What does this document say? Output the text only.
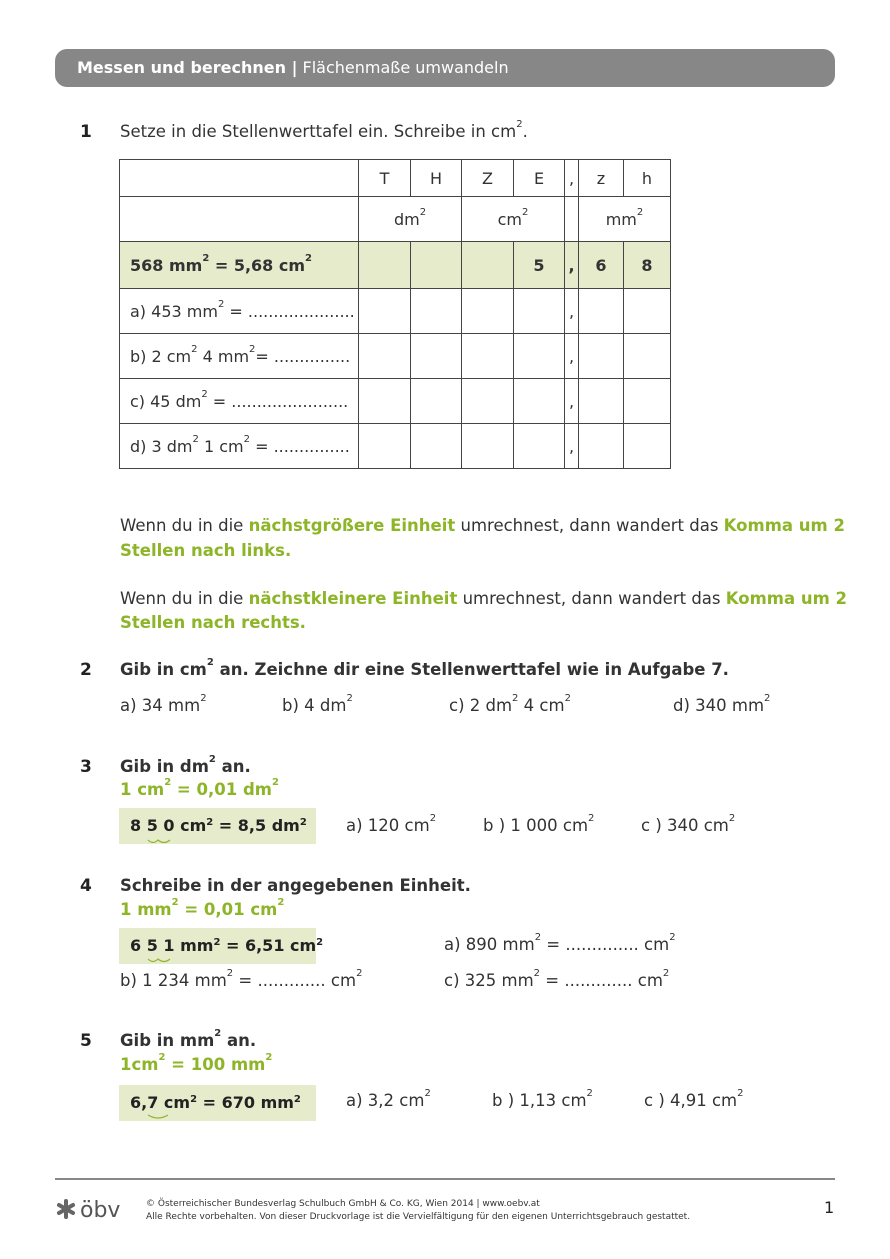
Messen und berechnen | Flächenmaße umwandeln
1 Setze in die Stellenwerttafel ein. Schreibe in $cm^2$.
	T	H	Z	E	,	z	h
	$dm^2$		$cm^2$			$mm^2$
568 $mm^2 = 5,68$ $cm^2$				5	,	6	8
a) 453 $mm^2$ = .....................					,		
b) 2 $cm^2$ 4 $mm^2=$ ...............					,		
c) 45 $dm^2$ = .......................					,		
d) 3 $dm^2$ 1 $cm^2$ = ...............					,		
Wenn du in die nächstgrößere Einheit umrechnest, dann wandert das Komma um 2
Stellen nach links.
Wenn du in die nächstkleinere Einheit umrechnest, dann wandert das Komma um 2
Stellen nach rechts.
2 Gib in $cm^2$ an. Zeichne dir eine Stellenwerttafel wie in Aufgabe 7.
a) 34 $mm^2$	b) 4 $dm^2$	c) 2 $dm^2$ 4 $cm^2$	d) 340 $mm^2$
3 Gib in $dm^2$ an.
1 $cm^2 = 0,01$ $dm^2$
8 5 0 $cm^2 = 8,5$ $dm^2$	a) 120 $cm^2$	b ) 1 000 $cm^2$	c ) 340 $cm^2$
4 Schreibe in der angegebenen Einheit.
1 $mm^2 = 0,01$ $cm^2$
6 5 1 $mm^2 = 6,51$ $cm^2$	a) 890 $mm^2$ = .............. $cm^2$
b) 1 234 $mm^2$ = ............. $cm^2$	c) 325 $mm^2$ = ............. $cm^2$
5 Gib in $mm^2$ an.
$1cm^2 = 100$ $mm^2$
6,7 $cm^2 = 670$ $mm^2$	a) 3,2 $cm^2$	b ) 1,13 $cm^2$	c ) 4,91 $cm^2$
öbv	© Österreichischer Bundesverlag Schulbuch GmbH & Co. KG, Wien 2014 | www.oebv.at
Alle Rechte vorbehalten. Von dieser Druckvorlage ist die Vervielfältigung für den eigenen Unterrichtsgebrauch gestattet.	1
